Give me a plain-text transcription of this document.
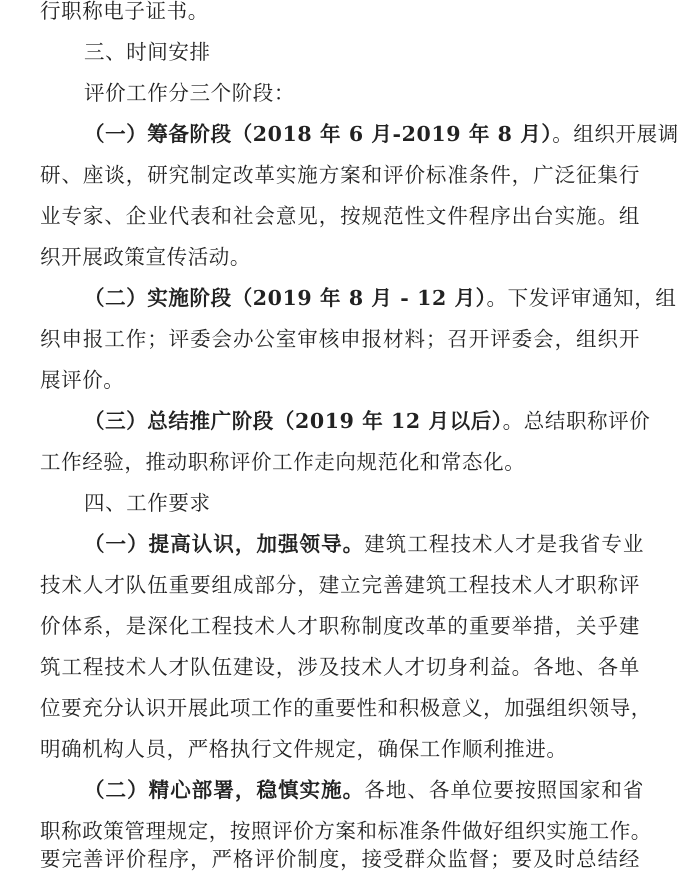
行职称电子证书。
三、时间安排
评价工作分三个阶段：
（一）筹备阶段（2018 年 6 月-2019 年 8 月）。组织开展调
研、座谈，研究制定改革实施方案和评价标准条件，广泛征集行
业专家、企业代表和社会意见，按规范性文件程序出台实施。组
织开展政策宣传活动。
（二）实施阶段（2019 年 8 月 - 12 月）。下发评审通知，组
织申报工作；评委会办公室审核申报材料；召开评委会，组织开
展评价。
（三）总结推广阶段（2019 年 12 月以后）。总结职称评价
工作经验，推动职称评价工作走向规范化和常态化。
四、工作要求
（一）提高认识，加强领导。建筑工程技术人才是我省专业
技术人才队伍重要组成部分，建立完善建筑工程技术人才职称评
价体系，是深化工程技术人才职称制度改革的重要举措，关乎建
筑工程技术人才队伍建设，涉及技术人才切身利益。各地、各单
位要充分认识开展此项工作的重要性和积极意义，加强组织领导，
明确机构人员，严格执行文件规定，确保工作顺利推进。
（二）精心部署，稳慎实施。各地、各单位要按照国家和省
职称政策管理规定，按照评价方案和标准条件做好组织实施工作。
要完善评价程序，严格评价制度，接受群众监督；要及时总结经
